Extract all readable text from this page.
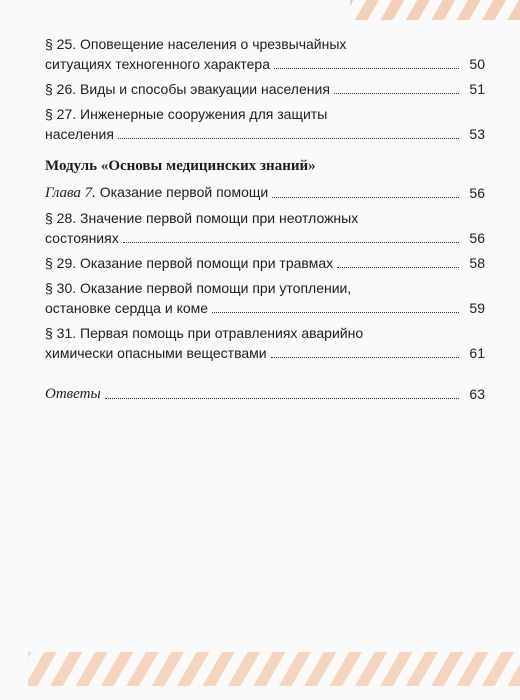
§ 25. Оповещение населения о чрезвычайных
ситуациях техногенного характера	50
§ 26. Виды и способы эвакуации населения	51
§ 27. Инженерные сооружения для защиты
населения	53
Модуль «Основы медицинских знаний»
Глава 7. Оказание первой помощи	56
§ 28. Значение первой помощи при неотложных
состояниях	56
§ 29. Оказание первой помощи при травмах	58
§ 30. Оказание первой помощи при утоплении,
остановке сердца и коме	59
§ 31. Первая помощь при отравлениях аварийно
химически опасными веществами	61
Ответы	63
